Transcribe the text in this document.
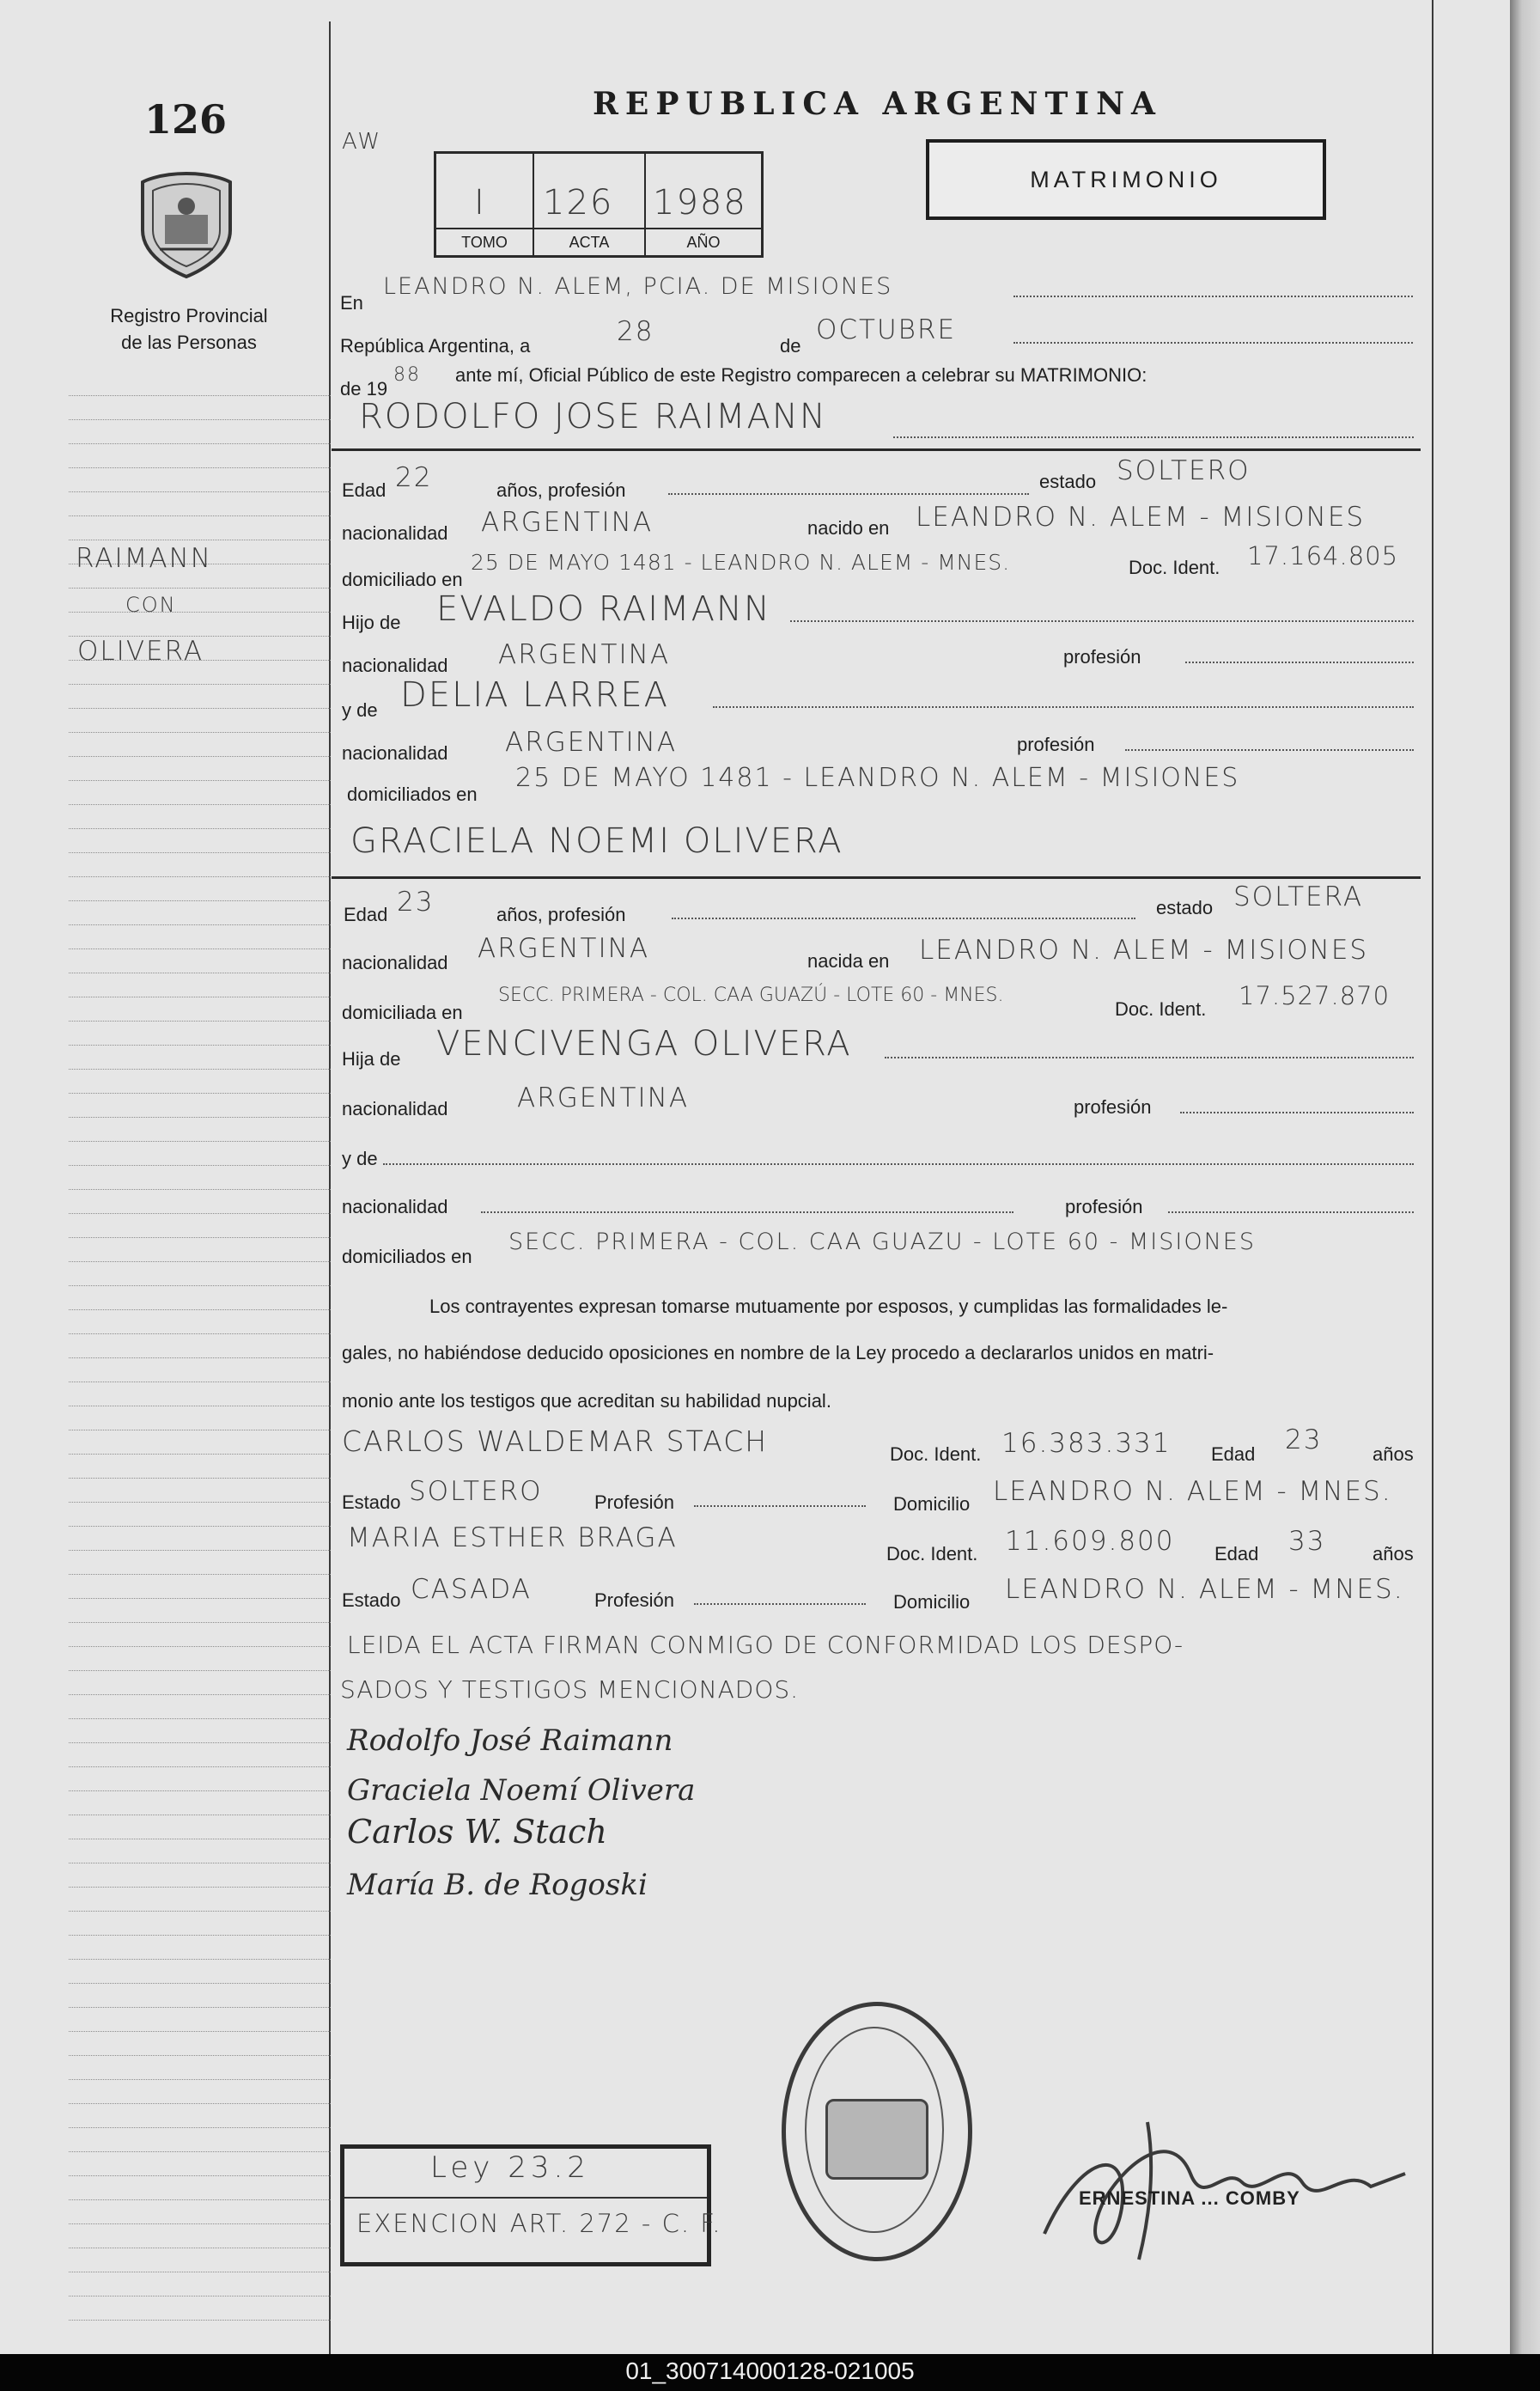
126
Registro Provincial
de las Personas
RAIMANN
CON
OLIVERA
REPUBLICA ARGENTINA
AW
I 126 1988
TOMO	ACTA	AÑO
MATRIMONIO
En
LEANDRO N. ALEM, PCIA. DE MISIONES
República Argentina, a	28	de
OCTUBRE
de 19
88 ante mí, Oficial Público de este Registro comparecen a celebrar su MATRIMONIO:
RODOLFO JOSE RAIMANN
Edad 22	años, profesión	estado SOLTERO
nacionalidad ARGENTINA	nacido en LEANDRO N. ALEM - MISIONES
domiciliado en
25 DE MAYO 1481 - LEANDRO N. ALEM - MNES.	Doc. Ident. 17.164.805
Hijo de EVALDO RAIMANN
nacionalidad ARGENTINA	profesión
y de DELIA LARREA
nacionalidad ARGENTINA	profesión
domiciliados en
25 DE MAYO 1481 - LEANDRO N. ALEM - MISIONES
GRACIELA NOEMI OLIVERA
Edad 23	años, profesión	estado SOLTERA
nacionalidad ARGENTINA	nacida en LEANDRO N. ALEM - MISIONES
domiciliada en
SECC. PRIMERA - COL. CAA GUAZÚ - LOTE 60 - MNES.
Doc. Ident. 17.527.870
Hija de VENCIVENGA OLIVERA
nacionalidad	ARGENTINA	profesión
y de
nacionalidad	profesión
domiciliados en
SECC. PRIMERA - COL. CAA GUAZU - LOTE 60 - MISIONES
Los contrayentes expresan tomarse mutuamente por esposos, y cumplidas las formalidades le-
gales, no habiéndose deducido oposiciones en nombre de la Ley procedo a declararlos unidos en matri-
monio ante los testigos que acreditan su habilidad nupcial.
CARLOS WALDEMAR STACH	Doc. Ident. 16.383.331 Edad 23	años
Estado SOLTERO	Profesión	Domicilio LEANDRO N. ALEM - MNES.
MARIA ESTHER BRAGA
Doc. Ident. 11.609.800 Edad 33 años
Estado CASADA	Profesión	Domicilio LEANDRO N. ALEM - MNES.
LEIDA EL ACTA FIRMAN CONMIGO DE CONFORMIDAD LOS DESPO-
SADOS Y TESTIGOS MENCIONADOS.
Rodolfo José Raimann
Graciela Noemí Olivera
Carlos W. Stach
María B. de Rogoski
Ley 23.2
EXENCION ART. 272 - C. F.
ERNESTINA ... COMBY
01_300714000128-021005
